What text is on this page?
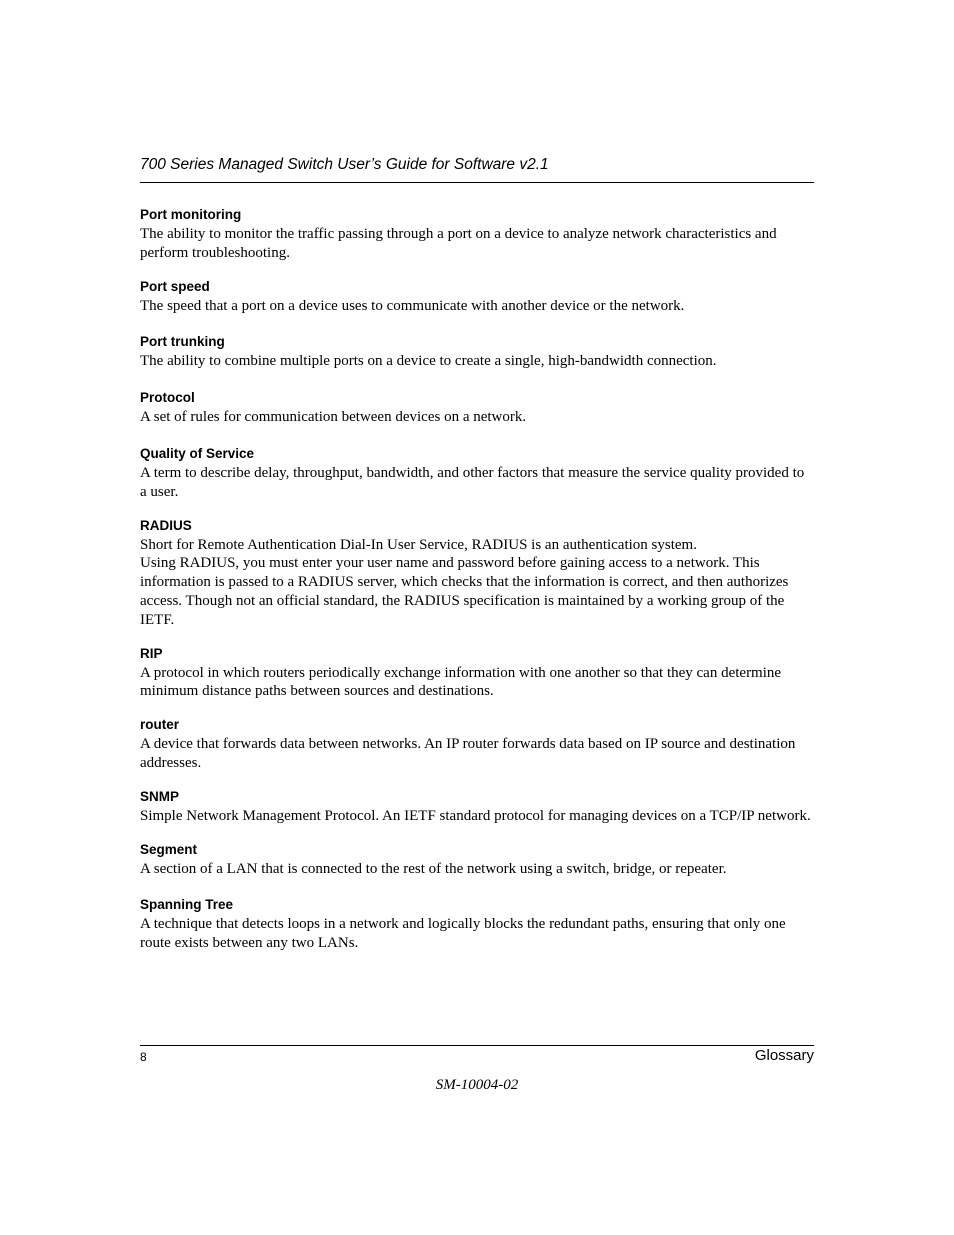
700 Series Managed Switch User’s Guide for Software v2.1

Port monitoring

The ability to monitor the traffic passing through a port on a device to analyze network characteristics and perform troubleshooting.

Port speed

The speed that a port on a device uses to communicate with another device or the network.

Port trunking

The ability to combine multiple ports on a device to create a single, high-bandwidth connection.

Protocol

A set of rules for communication between devices on a network.

Quality of Service

A term to describe delay, throughput, bandwidth, and other factors that measure the service quality provided to a user.

RADIUS

Short for Remote Authentication Dial-In User Service, RADIUS is an authentication system.

Using RADIUS, you must enter your user name and password before gaining access to a network. This information is passed to a RADIUS server, which checks that the information is correct, and then authorizes access. Though not an official standard, the RADIUS specification is maintained by a working group of the IETF.

RIP

A protocol in which routers periodically exchange information with one another so that they can determine minimum distance paths between sources and destinations.

router

A device that forwards data between networks. An IP router forwards data based on IP source and destination addresses.

SNMP

Simple Network Management Protocol. An IETF standard protocol for managing devices on a TCP/IP network.

Segment

A section of a LAN that is connected to the rest of the network using a switch, bridge, or repeater.

Spanning Tree

A technique that detects loops in a network and logically blocks the redundant paths, ensuring that only one route exists between any two LANs.

8	Glossary
SM-10004-02
